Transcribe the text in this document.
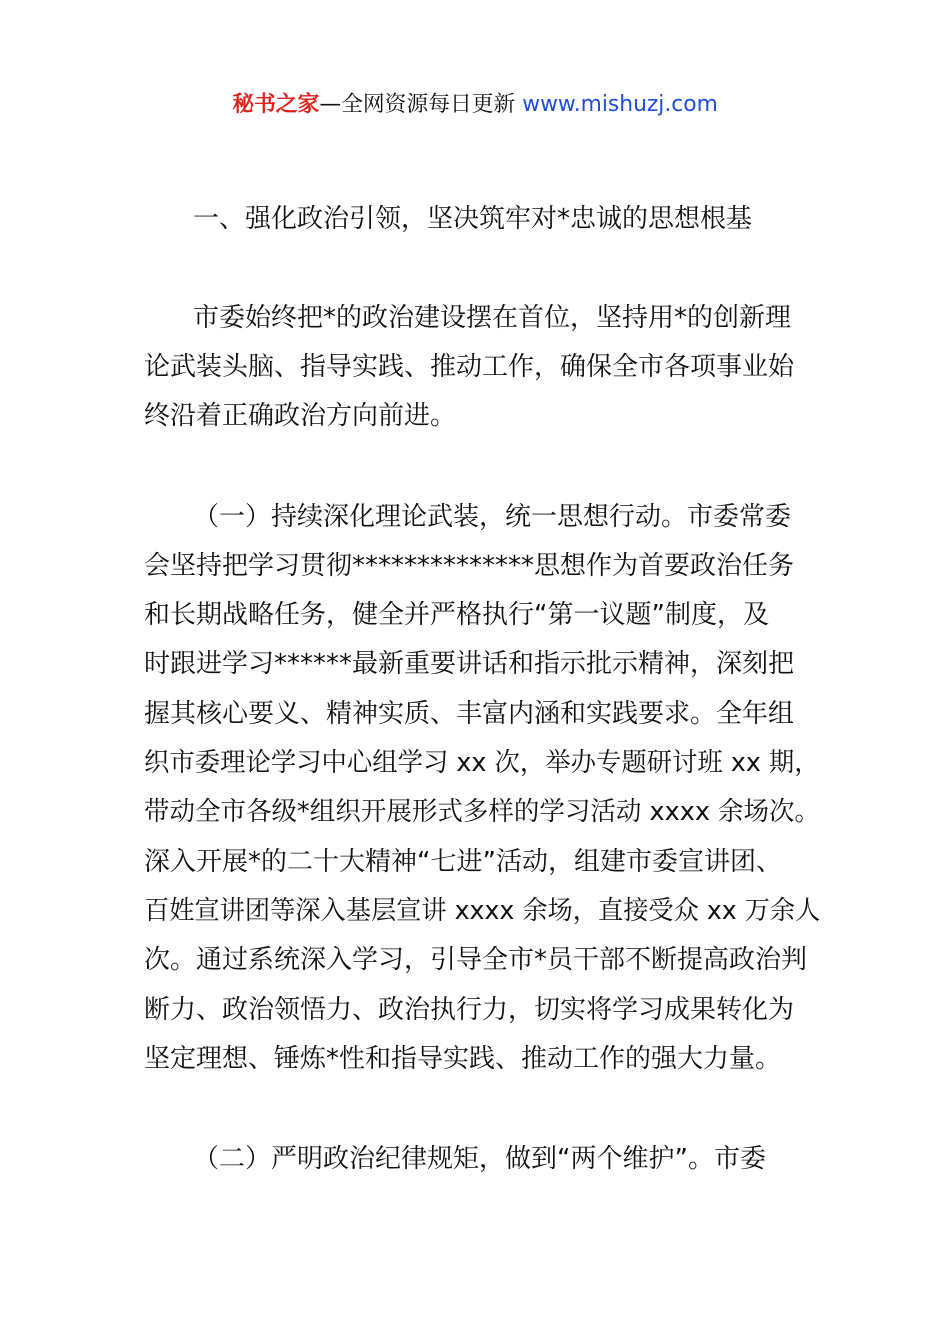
秘书之家—全网资源每日更新 www.mishuzj.com
一、强化政治引领，坚决筑牢对*忠诚的思想根基
市委始终把*的政治建设摆在首位，坚持用*的创新理
论武装头脑、指导实践、推动工作，确保全市各项事业始
终沿着正确政治方向前进。
（一）持续深化理论武装，统一思想行动。市委常委
会坚持把学习贯彻**************思想作为首要政治任务
和长期战略任务，健全并严格执行“第一议题”制度，及
时跟进学习******最新重要讲话和指示批示精神，深刻把
握其核心要义、精神实质、丰富内涵和实践要求。全年组
织市委理论学习中心组学习 xx 次，举办专题研讨班 xx 期，
带动全市各级*组织开展形式多样的学习活动 xxxx 余场次。
深入开展*的二十大精神“七进”活动，组建市委宣讲团、
百姓宣讲团等深入基层宣讲 xxxx 余场，直接受众 xx 万余人
次。通过系统深入学习，引导全市*员干部不断提高政治判
断力、政治领悟力、政治执行力，切实将学习成果转化为
坚定理想、锤炼*性和指导实践、推动工作的强大力量。
（二）严明政治纪律规矩，做到“两个维护”。市委
